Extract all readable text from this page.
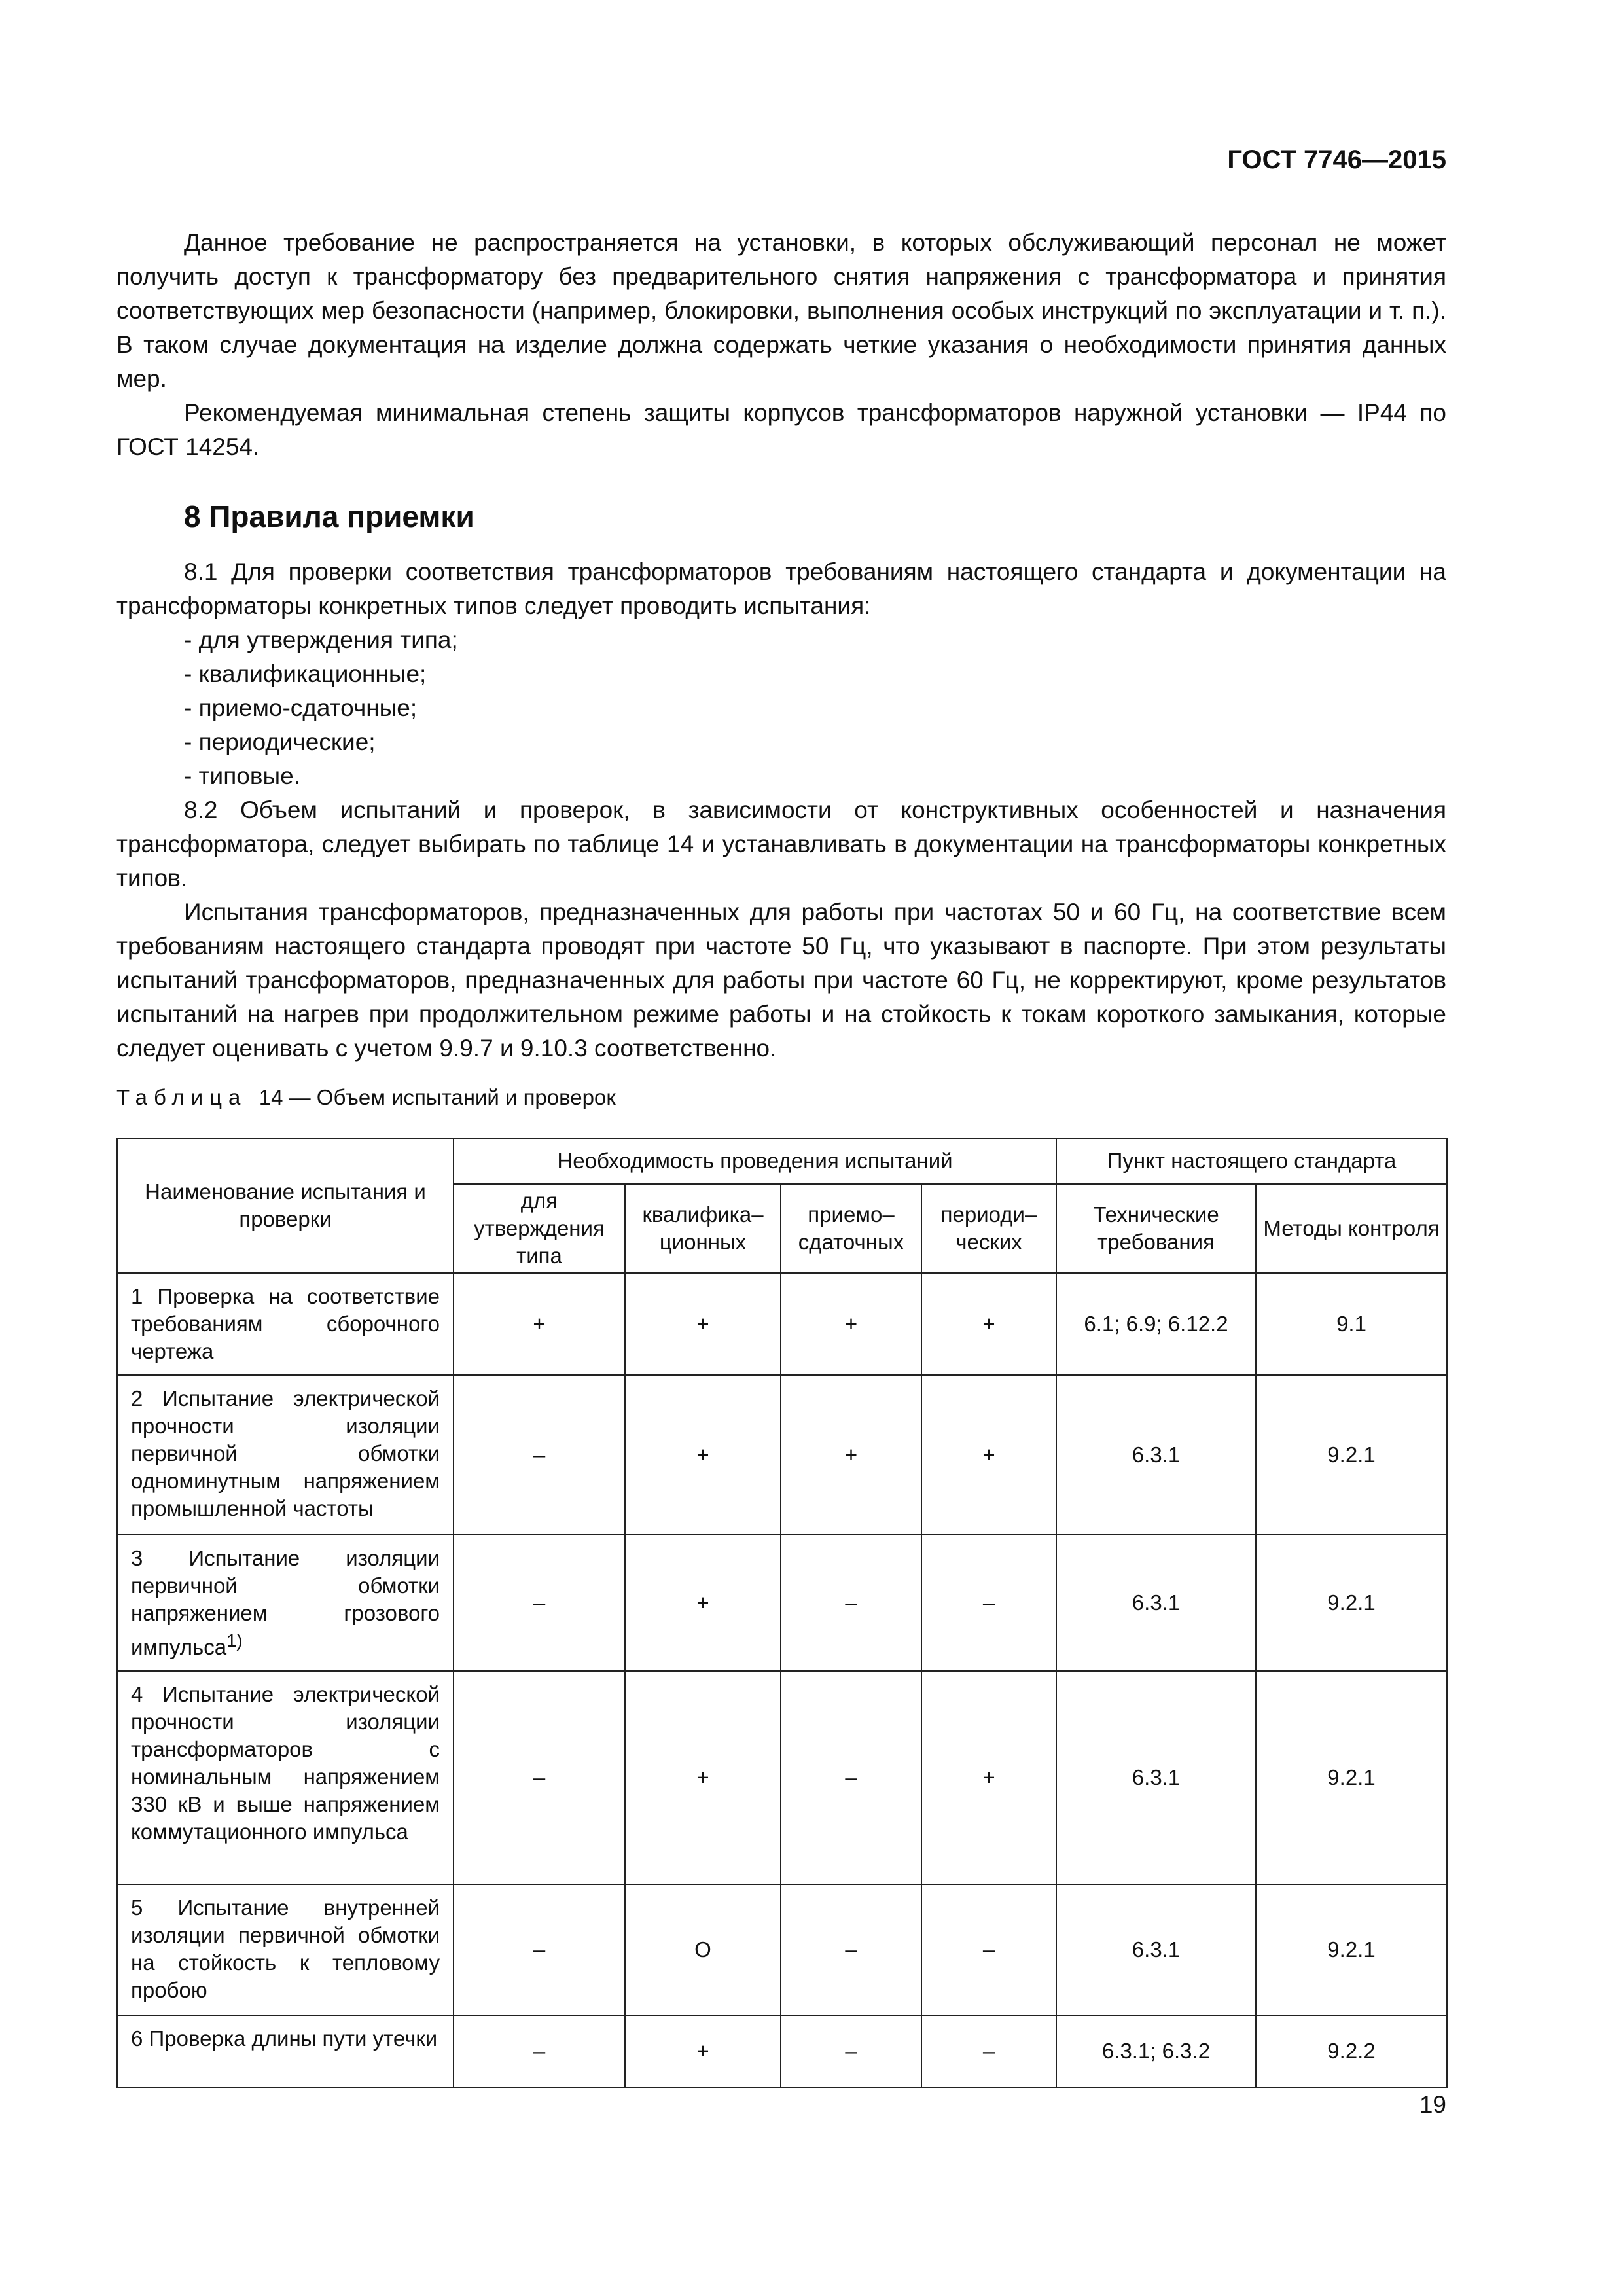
ГОСТ 7746—2015

Данное требование не распространяется на установки, в которых обслуживающий персонал не может получить доступ к трансформатору без предварительного снятия напряжения с трансформатора и принятия соответствующих мер безопасности (например, блокировки, выполнения особых инструкций по эксплуатации и т. п.). В таком случае документация на изделие должна содержать четкие указания о необходимости принятия данных мер.

Рекомендуемая минимальная степень защиты корпусов трансформаторов наружной установки — IP44 по ГОСТ 14254.

8 Правила приемки

8.1 Для проверки соответствия трансформаторов требованиям настоящего стандарта и документации на трансформаторы конкретных типов следует проводить испытания:

- для утверждения типа;
- квалификационные;
- приемо-сдаточные;
- периодические;
- типовые.

8.2 Объем испытаний и проверок, в зависимости от конструктивных особенностей и назначения трансформатора, следует выбирать по таблице 14 и устанавливать в документации на трансформаторы конкретных типов.

Испытания трансформаторов, предназначенных для работы при частотах 50 и 60 Гц, на соответствие всем требованиям настоящего стандарта проводят при частоте 50 Гц, что указывают в паспорте. При этом результаты испытаний трансформаторов, предназначенных для работы при частоте 60 Гц, не корректируют, кроме результатов испытаний на нагрев при продолжительном режиме работы и на стойкость к токам короткого замыкания, которые следует оценивать с учетом 9.9.7 и 9.10.3 соответственно.

Таблица 14 — Объем испытаний и проверок
Наименование испытания и проверки	Необходимость проведения испытаний				Пункт настоящего стандарта	
	для утверждения типа	квалифика–ционных	приемо–сдаточных	периоди–ческих	Технические требования	Методы контроля
1 Проверка на соответствие требованиям сборочного чертежа	+	+	+	+	6.1; 6.9; 6.12.2	9.1
2 Испытание электрической прочности изоляции первичной обмотки одноминутным напряжением промышленной частоты	–	+	+	+	6.3.1	9.2.1
3 Испытание изоляции первичной обмотки напряжением грозового импульса$^{1)}$	–	+	–	–	6.3.1	9.2.1
4 Испытание электрической прочности изоляции трансформаторов с номинальным напряжением 330 кВ и выше напряжением коммутационного импульса	–	+	–	+	6.3.1	9.2.1
5 Испытание внутренней изоляции первичной обмотки на стойкость к тепловому пробою	–	О	–	–	6.3.1	9.2.1
6 Проверка длины пути утечки	–	+	–	–	6.3.1; 6.3.2	9.2.2
19
